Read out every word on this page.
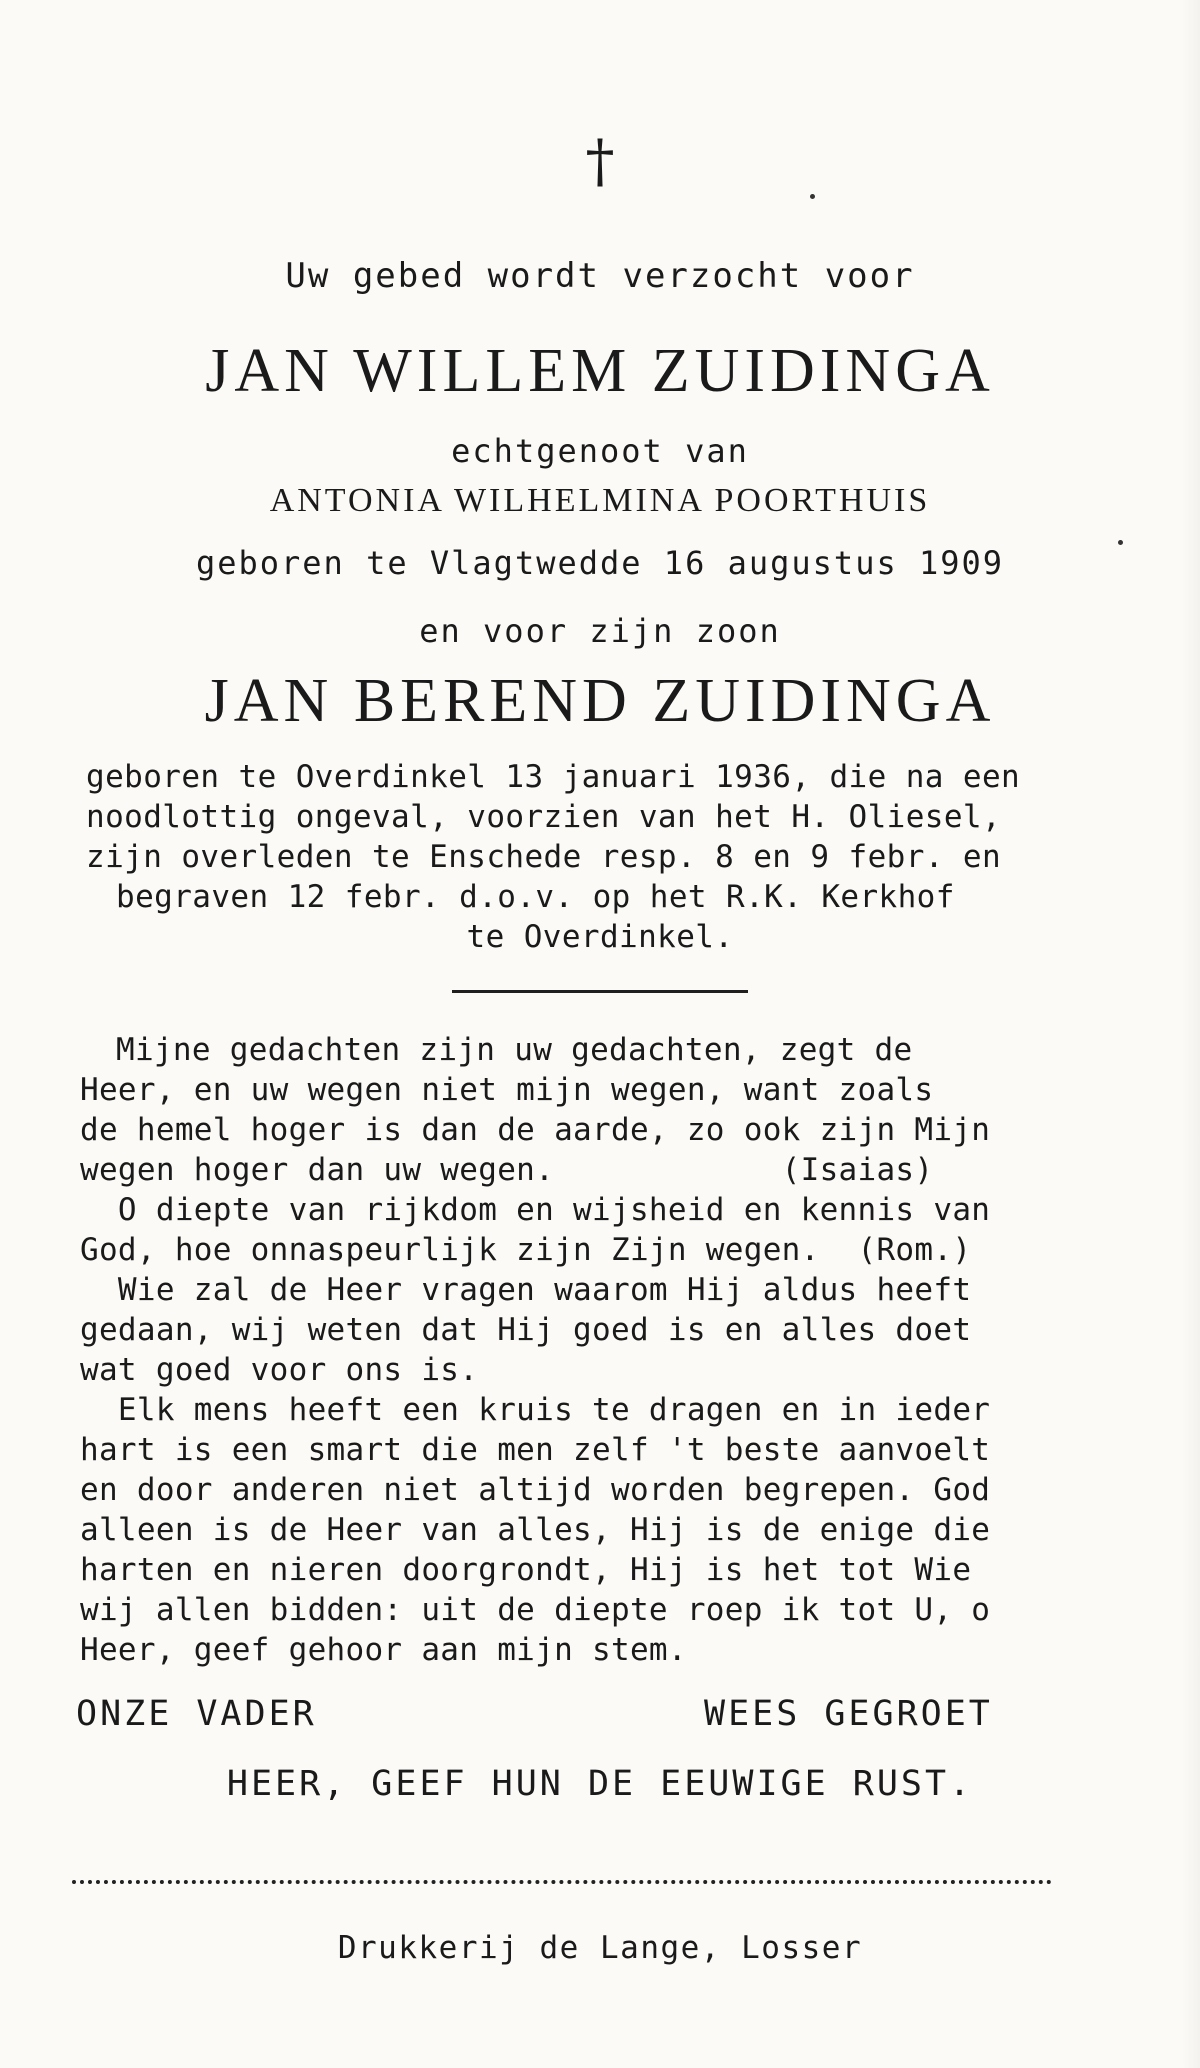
†
Uw gebed wordt verzocht voor
JAN WILLEM ZUIDINGA
echtgenoot van
ANTONIA WILHELMINA POORTHUIS
geboren te Vlagtwedde 16 augustus 1909
en voor zijn zoon
JAN BEREND ZUIDINGA
geboren te Overdinkel 13 januari 1936, die na een
noodlottig ongeval, voorzien van het H. Oliesel,
zijn overleden te Enschede resp. 8 en 9 febr. en
begraven 12 febr. d.o.v. op het R.K. Kerkhof
te Overdinkel.
Mijne gedachten zijn uw gedachten, zegt de
Heer, en uw wegen niet mijn wegen, want zoals
de hemel hoger is dan de aarde, zo ook zijn Mijn
wegen hoger dan uw wegen.            (Isaias)
O diepte van rijkdom en wijsheid en kennis van
God, hoe onnaspeurlijk zijn Zijn wegen.  (Rom.)
Wie zal de Heer vragen waarom Hij aldus heeft
gedaan, wij weten dat Hij goed is en alles doet
wat goed voor ons is.
Elk mens heeft een kruis te dragen en in ieder
hart is een smart die men zelf 't beste aanvoelt
en door anderen niet altijd worden begrepen. God
alleen is de Heer van alles, Hij is de enige die
harten en nieren doorgrondt, Hij is het tot Wie
wij allen bidden: uit de diepte roep ik tot U, o
Heer, geef gehoor aan mijn stem.
ONZE VADER	WEES GEGROET
HEER, GEEF HUN DE EEUWIGE RUST.
Drukkerij de Lange, Losser
